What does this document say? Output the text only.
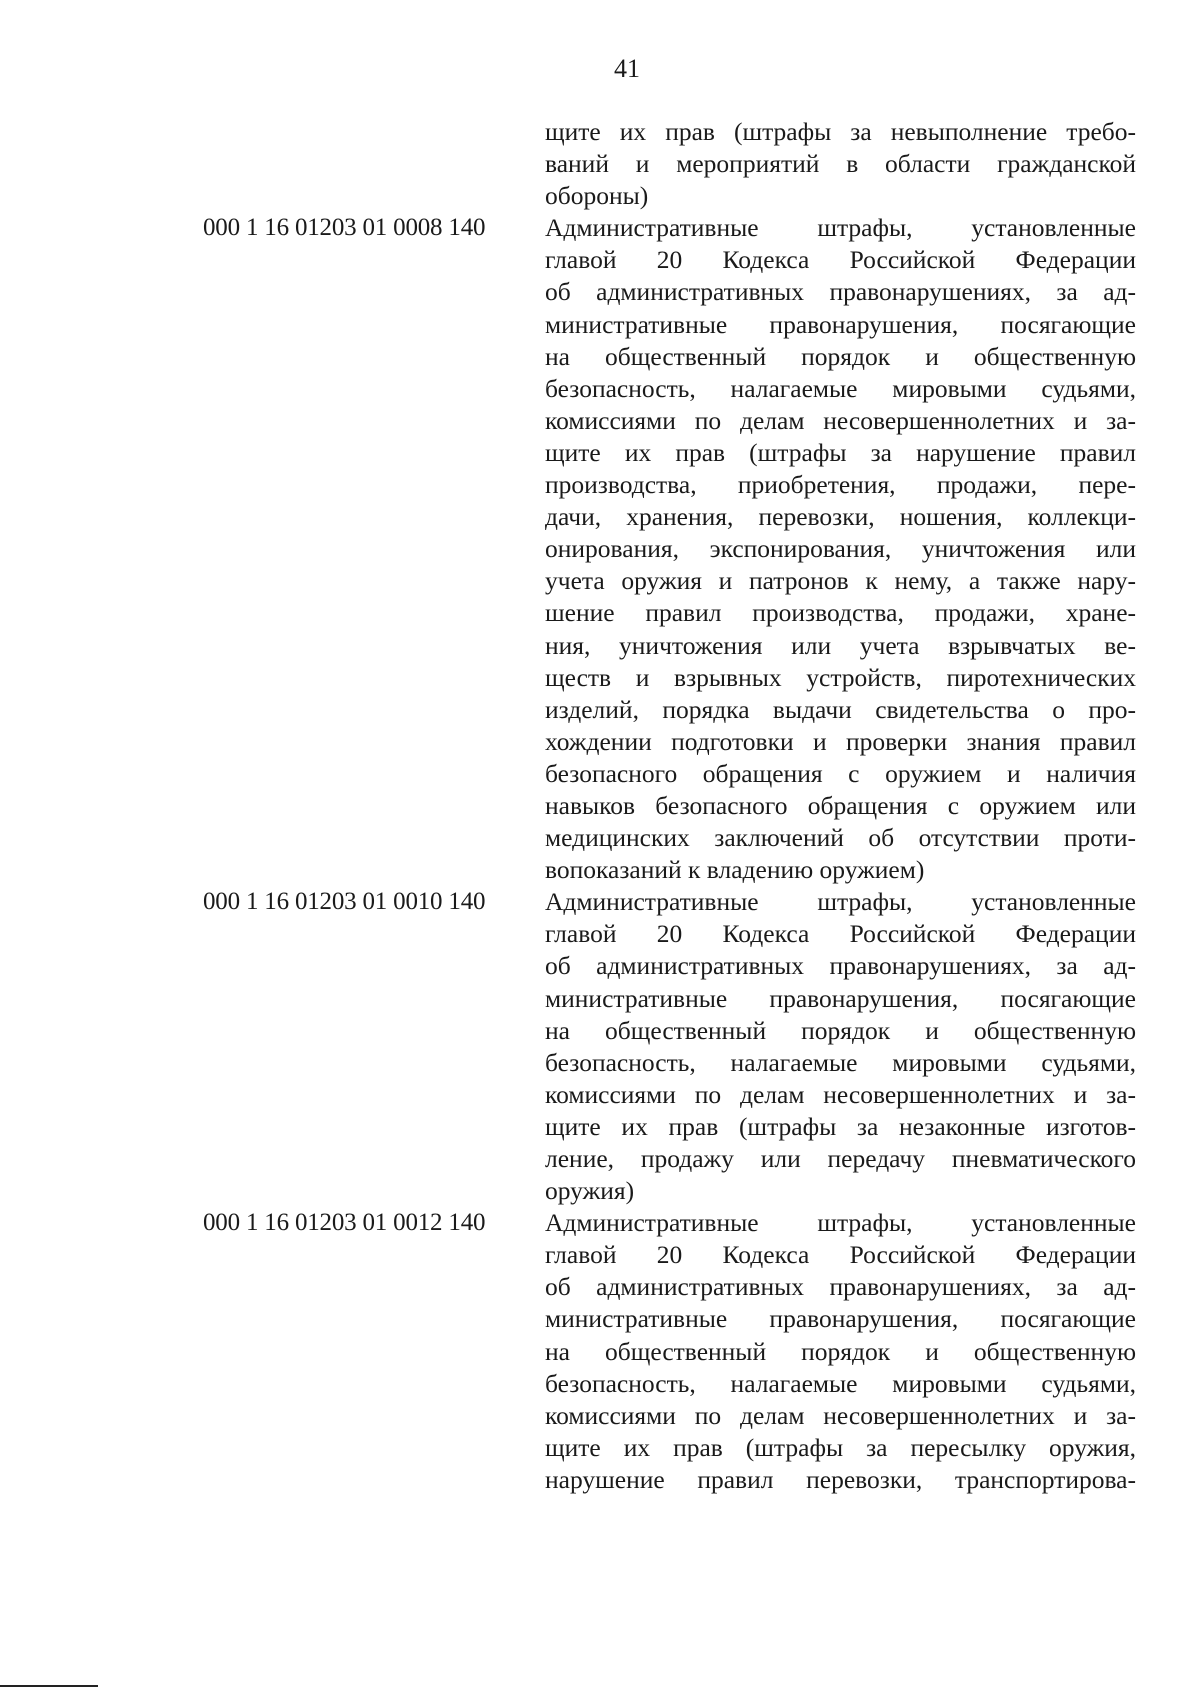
41
щите их прав (штрафы за невыполнение требо-
ваний и мероприятий в области гражданской
обороны)
000 1 16 01203 01 0008 140 Административные штрафы, установленные
главой 20 Кодекса Российской Федерации
об административных правонарушениях, за ад-
министративные правонарушения, посягающие
на общественный порядок и общественную
безопасность, налагаемые мировыми судьями,
комиссиями по делам несовершеннолетних и за-
щите их прав (штрафы за нарушение правил
производства, приобретения, продажи, пере-
дачи, хранения, перевозки, ношения, коллекци-
онирования, экспонирования, уничтожения или
учета оружия и патронов к нему, а также нару-
шение правил производства, продажи, хране-
ния, уничтожения или учета взрывчатых ве-
ществ и взрывных устройств, пиротехнических
изделий, порядка выдачи свидетельства о про-
хождении подготовки и проверки знания правил
безопасного обращения с оружием и наличия
навыков безопасного обращения с оружием или
медицинских заключений об отсутствии проти-
вопоказаний к владению оружием)
000 1 16 01203 01 0010 140 Административные штрафы, установленные
главой 20 Кодекса Российской Федерации
об административных правонарушениях, за ад-
министративные правонарушения, посягающие
на общественный порядок и общественную
безопасность, налагаемые мировыми судьями,
комиссиями по делам несовершеннолетних и за-
щите их прав (штрафы за незаконные изготов-
ление, продажу или передачу пневматического
оружия)
000 1 16 01203 01 0012 140 Административные штрафы, установленные
главой 20 Кодекса Российской Федерации
об административных правонарушениях, за ад-
министративные правонарушения, посягающие
на общественный порядок и общественную
безопасность, налагаемые мировыми судьями,
комиссиями по делам несовершеннолетних и за-
щите их прав (штрафы за пересылку оружия,
нарушение правил перевозки, транспортирова-
